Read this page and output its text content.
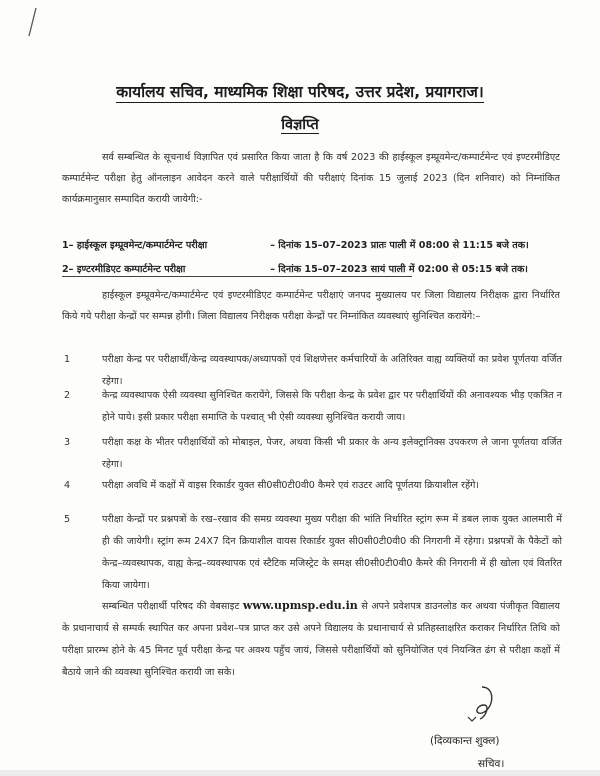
कार्यालय सचिव, माध्यमिक शिक्षा परिषद, उत्तर प्रदेश, प्रयागराज।
विज्ञप्ति
सर्व सम्बन्धित के सूचनार्थ विज्ञापित एवं प्रसारित किया जाता है कि वर्ष 2023 की हाईस्कूल इम्प्रूवमेन्ट/कम्पार्टमेन्ट एवं इण्टरमीडिएट कम्पार्टमेन्ट परीक्षा हेतु ऑनलाइन आवेदन करने वाले परीक्षार्थियों की परीक्षाएं दिनांक 15 जुलाई 2023 (दिन शनिवार) को निम्नांकित कार्यक्रमानुसार सम्पादित करायी जायेगी:-
1– हाईस्कूल इम्प्रूवमेन्ट/कम्पार्टमेन्ट परीक्षा	– दिनांक 15–07–2023 प्रातः पाली में 08:00 से 11:15 बजे तक।
2– इण्टरमीडिएट कम्पार्टमेन्ट परीक्षा	– दिनांक 15–07–2023 सायं पाली में 02:00 से 05:15 बजे तक।
हाईस्कूल इम्प्रूवमेन्ट/कम्पार्टमेन्ट एवं इण्टरमीडिएट कम्पार्टमेन्ट परीक्षाएं जनपद मुख्यालय पर जिला विद्यालय निरीक्षक द्वारा निर्धारित किये गये परीक्षा केन्द्रों पर सम्पन्न होंगी। जिला विद्यालय निरीक्षक परीक्षा केन्द्रों पर निम्नांकित व्यवस्थाएं सुनिश्चित करायेंगे:–
1	परीक्षा केन्द्र पर परीक्षार्थी/केन्द्र व्यवस्थापक/अध्यापकों एवं शिक्षणेत्तर कर्मचारियों के अतिरिक्त वाह्य व्यक्तियों का प्रवेश पूर्णतया वर्जित रहेगा।
2	केन्द्र व्यवस्थापक ऐसी व्यवस्था सुनिश्चित करायेंगे, जिससे कि परीक्षा केन्द्र के प्रवेश द्वार पर परीक्षार्थियों की अनावश्यक भीड़ एकत्रित न होने पाये। इसी प्रकार परीक्षा समाप्ति के पश्चात् भी ऐसी व्यवस्था सुनिश्चित करायी जाय।
3	परीक्षा कक्ष के भीतर परीक्षार्थियों को मोबाइल, पेजर, अथवा किसी भी प्रकार के अन्य इलेक्ट्रानिक्स उपकरण ले जाना पूर्णतया वर्जित रहेगा।
4	परीक्षा अवधि में कक्षों में वाइस रिकार्डर युक्त सी0सी0टी0वी0 कैमरे एवं राउटर आदि पूर्णतया क्रियाशील रहेंगे।
5	परीक्षा केन्द्रों पर प्रश्नपत्रों के रख–रखाव की समग्र व्यवस्था मुख्य परीक्षा की भांति निर्धारित स्ट्रांग रूम में डबल लाक युक्त आलमारी में ही की जायेगी। स्ट्रांग रूम 24X7 दिन क्रियाशील वायस रिकार्डर युक्त सी0सी0टी0वी0 की निगरानी में रहेगा। प्रश्नपत्रों के पैकेटों को केन्द्र–व्यवस्थापक, वाह्य केन्द्र–व्यवस्थापक एवं स्टैटिक मजिस्ट्रेट के समक्ष सी0सी0टी0वी0 कैमरे की निगरानी में ही खोला एवं वितरित किया जायेगा।
सम्बन्धित परीक्षार्थी परिषद की वेबसाइट www.upmsp.edu.in से अपने प्रवेशपत्र डाउनलोड कर अथवा पंजीकृत विद्यालय के प्रधानाचार्य से सम्पर्क स्थापित कर अपना प्रवेश–पत्र प्राप्त कर उसे अपने विद्यालय के प्रधानाचार्य से प्रतिहस्ताक्षरित कराकर निर्धारित तिथि को परीक्षा प्रारम्भ होने के 45 मिनट पूर्व परीक्षा केन्द्र पर अवश्य पहुँच जायं, जिससे परीक्षार्थियों को सुनियोजित एवं नियन्त्रित ढंग से परीक्षा कक्षों में बैठाये जाने की व्यवस्था सुनिश्चित करायी जा सके।
(दिव्यकान्त शुक्ल)
सचिव।
